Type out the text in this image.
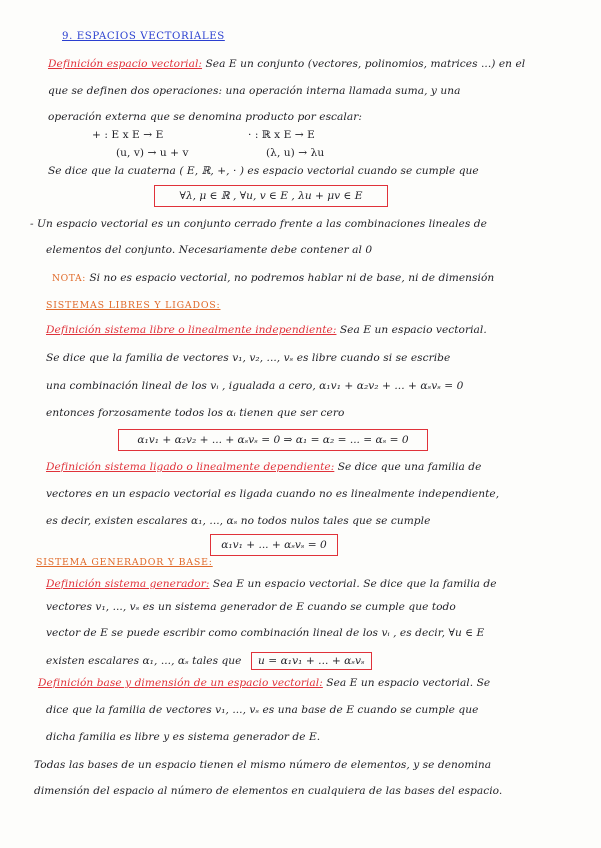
9. ESPACIOS VECTORIALES
Definición espacio vectorial: Sea E un conjunto (vectores, polinomios, matrices ...) en el
que se definen dos operaciones: una operación interna llamada suma, y una
operación externa que se denomina producto por escalar:
+ : E x E → E
(u, v) → u + v
· : ℝ x E → E
(λ, u) → λu
Se dice que la cuaterna ( E, ℝ, +, · ) es espacio vectorial cuando se cumple que
∀λ, μ ∈ ℝ , ∀u, v ∈ E , λu + μv ∈ E
- Un espacio vectorial es un conjunto cerrado frente a las combinaciones lineales de
elementos del conjunto. Necesariamente debe contener al 0
NOTA: Si no es espacio vectorial, no podremos hablar ni de base, ni de dimensión
SISTEMAS LIBRES Y LIGADOS:
Definición sistema libre o linealmente independiente: Sea E un espacio vectorial.
Se dice que la familia de vectores v₁, v₂, ..., vₛ es libre cuando si se escribe
una combinación lineal de los vᵢ , igualada a cero, α₁v₁ + α₂v₂ + ... + αₛvₛ = 0
entonces forzosamente todos los αᵢ tienen que ser cero
α₁v₁ + α₂v₂ + ... + αₛvₛ = 0 ⇒ α₁ = α₂ = ... = αₛ = 0
Definición sistema ligado o linealmente dependiente: Se dice que una familia de
vectores en un espacio vectorial es ligada cuando no es linealmente independiente,
es decir, existen escalares α₁, ..., αₛ no todos nulos tales que se cumple
α₁v₁ + ... + αₛvₛ = 0
SISTEMA GENERADOR Y BASE:
Definición sistema generador: Sea E un espacio vectorial. Se dice que la familia de
vectores v₁, ..., vₛ es un sistema generador de E cuando se cumple que todo
vector de E se puede escribir como combinación lineal de los vᵢ , es decir, ∀u ∈ E
existen escalares α₁, ..., αₛ tales que u = α₁v₁ + ... + αₛvₛ
Definición base y dimensión de un espacio vectorial: Sea E un espacio vectorial. Se
dice que la familia de vectores v₁, ..., vₛ es una base de E cuando se cumple que
dicha familia es libre y es sistema generador de E.
Todas las bases de un espacio tienen el mismo número de elementos, y se denomina
dimensión del espacio al número de elementos en cualquiera de las bases del espacio.
